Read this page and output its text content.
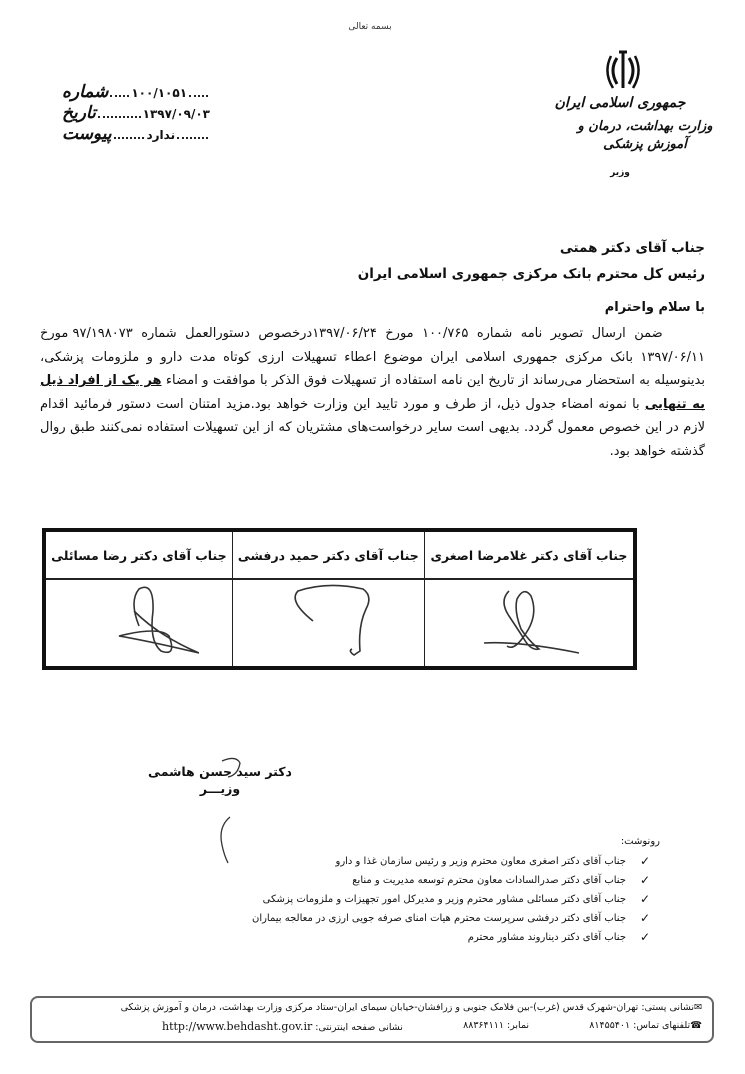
بسمه تعالی
جمهوری اسلامی ایران
وزارت بهداشت، درمان و آموزش پزشکی
وزیر
شماره ۱۰۰/۱۰۵۱
تاریخ	۱۳۹۷/۰۹/۰۳
پیوست	ندارد
جناب آقای دکتر همتی
رئیس کل محترم بانک مرکزی جمهوری اسلامی ایران
با سلام واحترام

ضمن ارسال تصویر نامه شماره ۱۰۰/۷۶۵ مورخ ۱۳۹۷/۰۶/۲۴درخصوص دستورالعمل شماره ۹۷/۱۹۸۰۷۳ مورخ ۱۳۹۷/۰۶/۱۱ بانک مرکزی جمهوری اسلامی ایران موضوع اعطاء تسهیلات ارزی کوتاه مدت دارو و ملزومات پزشکی، بدینوسیله به استحضار می‌رساند از تاریخ این نامه استفاده از تسهیلات فوق الذکر با موافقت و امضاء هر یک از افراد ذیل به تنهایی با نمونه امضاء جدول ذیل، از طرف و مورد تایید این وزارت خواهد بود.مزید امتنان است دستور فرمائید اقدام لازم در این خصوص معمول گردد. بدیهی است سایر درخواست‌های مشتریان که از این تسهیلات استفاده نمی‌کنند طبق روال گذشته خواهد بود.

جناب آقای دکتر غلامرضا اصغری	جناب آقای دکتر حمید درفشی	جناب آقای دکتر رضا مسائلی

دکتر سید حسن هاشمی
وزیـــر
رونوشت:
✓
جناب آقای دکتر اصغری معاون محترم وزیر و رئیس سازمان غذا و دارو
✓
جناب آقای دکتر صدرالسادات معاون محترم توسعه مدیریت و منابع
✓
جناب آقای دکتر مسائلی مشاور محترم وزیر و مدیرکل امور تجهیزات و ملزومات پزشکی
✓
جناب آقای دکتر درفشی سرپرست محترم هیات امنای صرفه جویی ارزی در معالجه بیماران
✓
جناب آقای دکتر دیناروند مشاور محترم
✉نشانی پستی: تهران-شهرک قدس (غرب)-بین فلامک جنوبی و زرافشان-خیابان سیمای ایران-ستاد مرکزی وزارت بهداشت، درمان و آموزش پزشکی
☎تلفنهای تماس: ۸۱۴۵۵۴۰۱
نمابر: ۸۸۳۶۴۱۱۱
نشانی صفحه اینترنتی: http://www.behdasht.gov.ir
